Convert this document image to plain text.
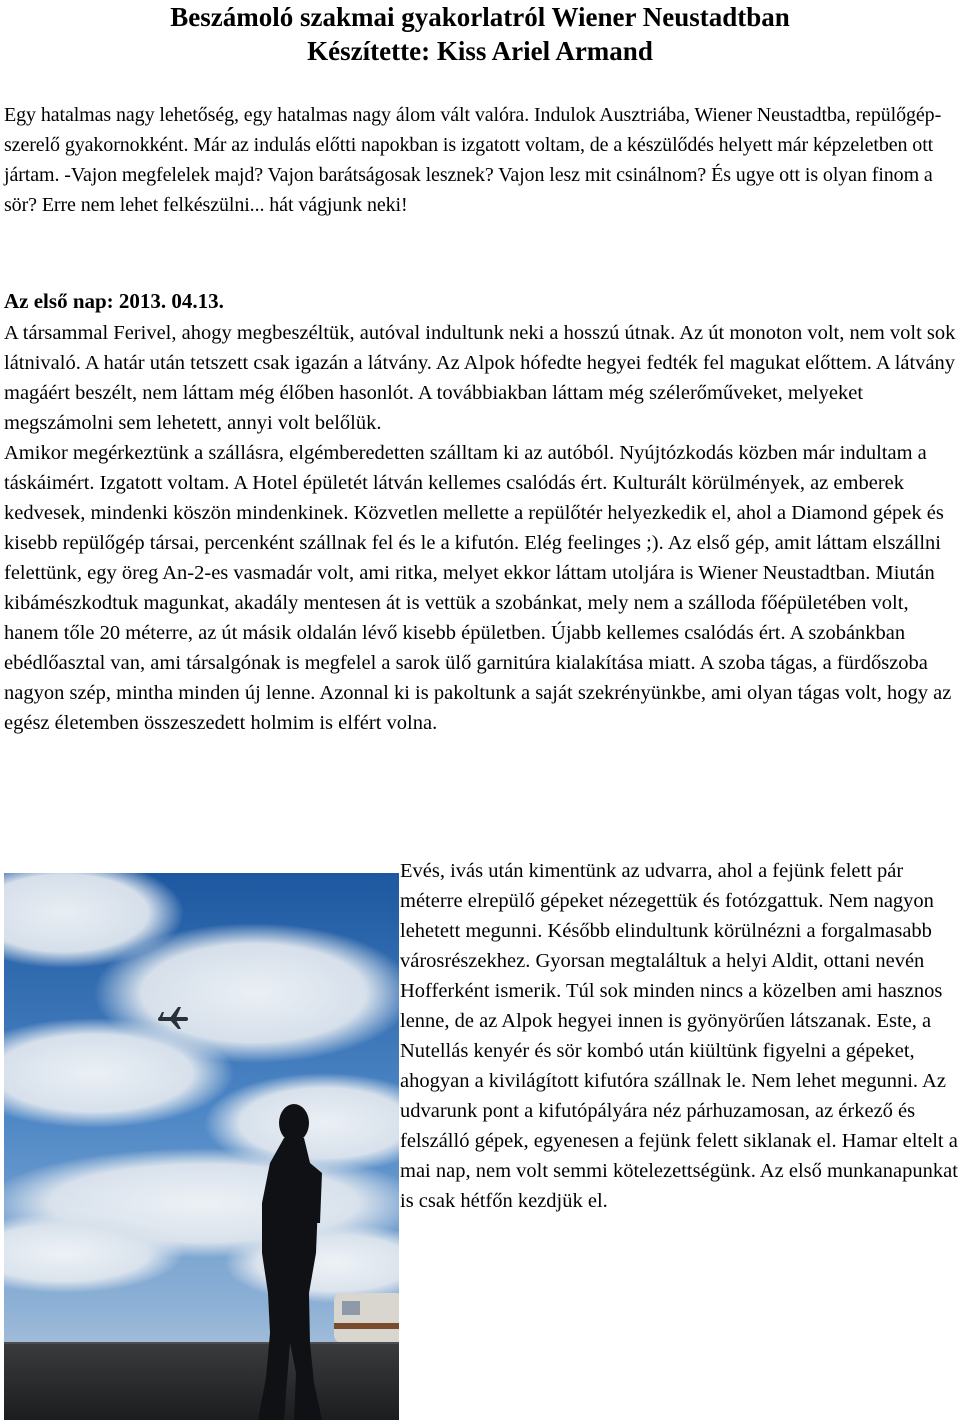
Beszámoló szakmai gyakorlatról Wiener Neustadtban
Készítette: Kiss Ariel Armand

Egy hatalmas nagy lehetőség, egy hatalmas nagy álom vált valóra. Indulok Ausztriába, Wiener Neustadtba, repülőgép-szerelő gyakornokként. Már az indulás előtti napokban is izgatott voltam, de a készülődés helyett már képzeletben ott jártam. -Vajon megfelelek majd? Vajon barátságosak lesznek? Vajon lesz mit csinálnom? És ugye ott is olyan finom a sör? Erre nem lehet felkészülni... hát vágjunk neki!

Az első nap: 2013. 04.13.

A társammal Ferivel, ahogy megbeszéltük, autóval indultunk neki a hosszú útnak. Az út monoton volt, nem volt sok látnivaló. A határ után tetszett csak igazán a látvány. Az Alpok hófedte hegyei fedték fel magukat előttem. A látvány magáért beszélt, nem láttam még élőben hasonlót. A továbbiakban láttam még szélerőműveket, melyeket megszámolni sem lehetett, annyi volt belőlük.
Amikor megérkeztünk a szállásra, elgémberedetten szálltam ki az autóból. Nyújtózkodás közben már indultam a táskáimért. Izgatott voltam. A Hotel épületét látván kellemes csalódás ért. Kulturált körülmények, az emberek kedvesek, mindenki köszön mindenkinek. Közvetlen mellette a repülőtér helyezkedik el, ahol a Diamond gépek és kisebb repülőgép társai, percenként szállnak fel és le a kifutón. Elég feelinges ;). Az első gép, amit láttam elszállni felettünk, egy öreg An-2-es vasmadár volt, ami ritka, melyet ekkor láttam utoljára is Wiener Neustadtban. Miután kibámészkodtuk magunkat, akadály mentesen át is vettük a szobánkat, mely nem a szálloda főépületében volt, hanem tőle 20 méterre, az út másik oldalán lévő kisebb épületben. Újabb kellemes csalódás ért. A szobánkban ebédlőasztal van, ami társalgónak is megfelel a sarok ülő garnitúra kialakítása miatt. A szoba tágas, a fürdőszoba nagyon szép, mintha minden új lenne. Azonnal ki is pakoltunk a saját szekrényünkbe, ami olyan tágas volt, hogy az egész életemben összeszedett holmim is elfért volna.

Evés, ivás után kimentünk az udvarra, ahol a fejünk felett pár méterre elrepülő gépeket nézegettük és fotózgattuk. Nem nagyon lehetett megunni. Később elindultunk körülnézni a forgalmasabb városrészekhez. Gyorsan megtaláltuk a helyi Aldit, ottani nevén Hofferként ismerik. Túl sok minden nincs a közelben ami hasznos lenne, de az Alpok hegyei innen is gyönyörűen látszanak. Este, a Nutellás kenyér és sör kombó után kiültünk figyelni a gépeket, ahogyan a kivilágított kifutóra szállnak le. Nem lehet megunni. Az udvarunk pont a kifutópályára néz párhuzamosan, az érkező és felszálló gépek, egyenesen a fejünk felett siklanak el. Hamar eltelt a mai nap, nem volt semmi kötelezettségünk. Az első munkanapunkat is csak hétfőn kezdjük el.
